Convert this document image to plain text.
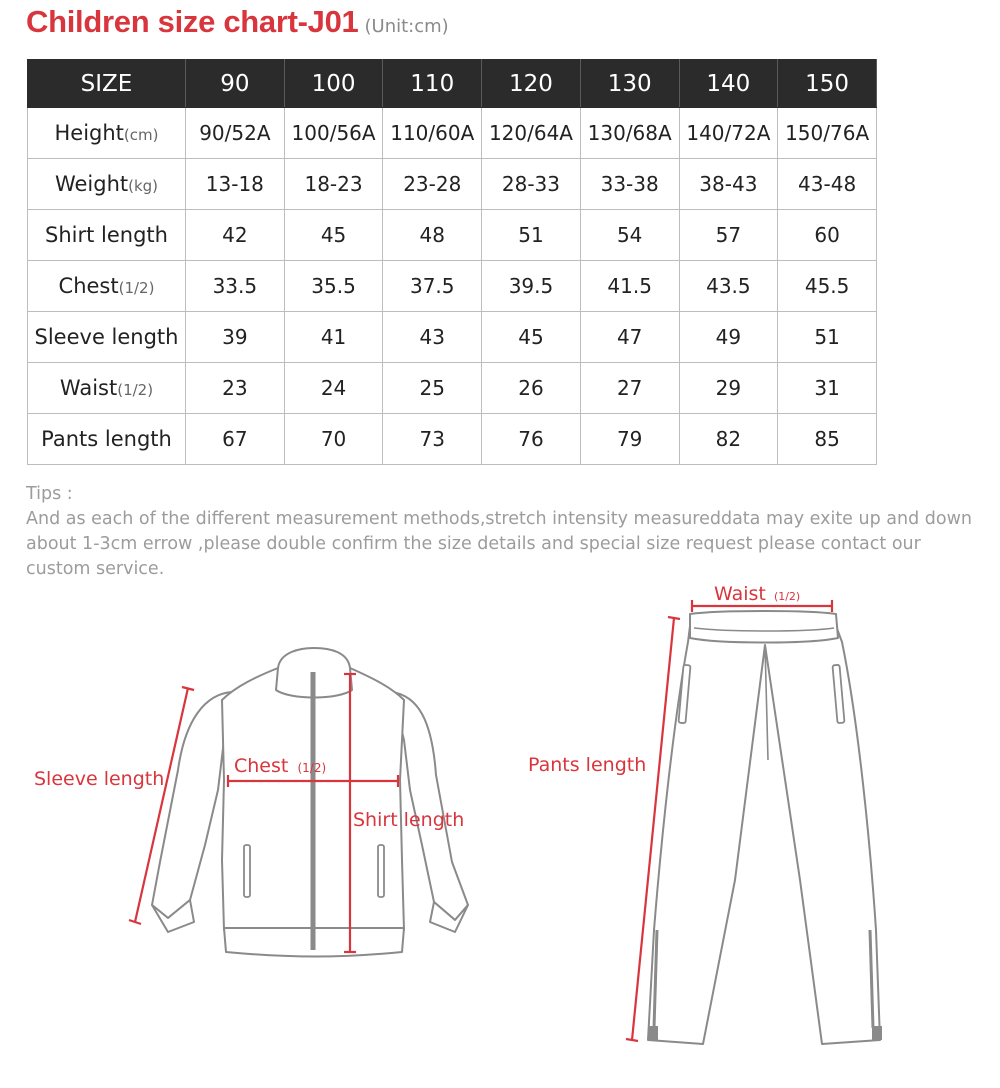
Children size chart-J01 (Unit:cm)
SIZE	90	100	110	120	130	140	150
Height(cm)	90/52A	100/56A	110/60A	120/64A	130/68A	140/72A	150/76A
Weight(kg)	13-18	18-23	23-28	28-33	33-38	38-43	43-48
Shirt length	42	45	48	51	54	57	60
Chest(1/2)	33.5	35.5	37.5	39.5	41.5	43.5	45.5
Sleeve length	39	41	43	45	47	49	51
Waist(1/2)	23	24	25	26	27	29	31
Pants length	67	70	73	76	79	82	85

Tips :

And as each of the different measurement methods,stretch intensity measureddata may exite up and down about 1-3cm errow ,please double confirm the size details and special size request please contact our custom service.

Sleeve length
Chest (1/2)
Shirt length
Waist (1/2)
Pants length
